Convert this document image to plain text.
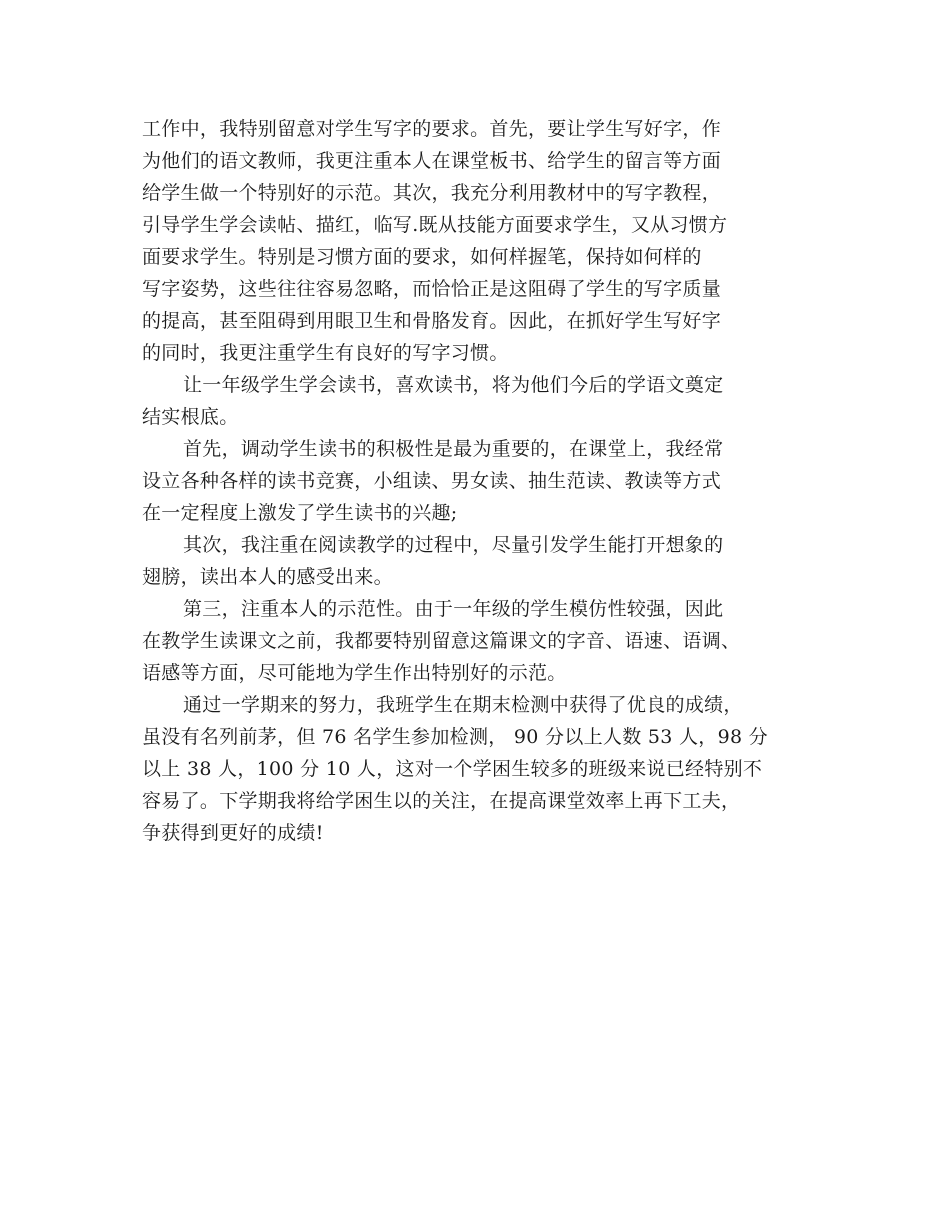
工作中，我特别留意对学生写字的要求。首先，要让学生写好字，作
为他们的语文教师，我更注重本人在课堂板书、给学生的留言等方面
给学生做一个特别好的示范。其次，我充分利用教材中的写字教程，
引导学生学会读帖、描红，临写.既从技能方面要求学生，又从习惯方
面要求学生。特别是习惯方面的要求，如何样握笔，保持如何样的
写字姿势，这些往往容易忽略，而恰恰正是这阻碍了学生的写字质量
的提高，甚至阻碍到用眼卫生和骨胳发育。因此，在抓好学生写好字
的同时，我更注重学生有良好的写字习惯。
让一年级学生学会读书，喜欢读书，将为他们今后的学语文奠定
结实根底。
首先，调动学生读书的积极性是最为重要的，在课堂上，我经常
设立各种各样的读书竞赛，小组读、男女读、抽生范读、教读等方式
在一定程度上激发了学生读书的兴趣;
其次，我注重在阅读教学的过程中，尽量引发学生能打开想象的
翅膀，读出本人的感受出来。
第三，注重本人的示范性。由于一年级的学生模仿性较强，因此
在教学生读课文之前，我都要特别留意这篇课文的字音、语速、语调、
语感等方面，尽可能地为学生作出特别好的示范。
通过一学期来的努力，我班学生在期末检测中获得了优良的成绩，
虽没有名列前茅，但 76 名学生参加检测， 90 分以上人数 53 人，98 分
以上 38 人，100 分 10 人，这对一个学困生较多的班级来说已经特别不
容易了。下学期我将给学困生以的关注，在提高课堂效率上再下工夫，
争获得到更好的成绩!
